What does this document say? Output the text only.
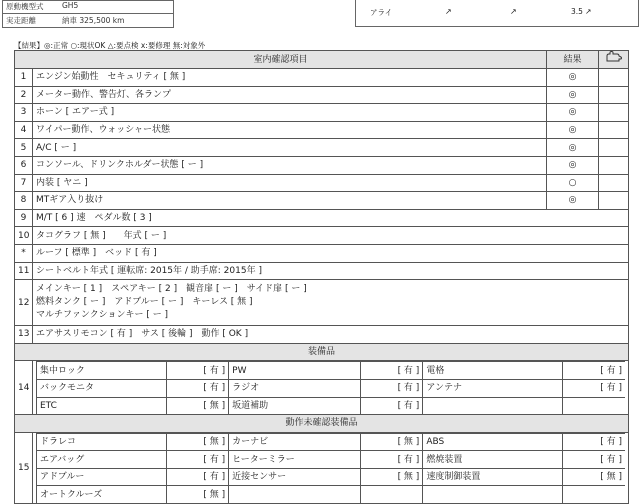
原動機型式 GH5
実走距離	納車 325,500 km
アライ	↗	↗	3.5 ↗
【結果】◎:正常 ○:現状OK △:要点検 x:要修理 無:対象外
室内確認項目	結果	
1	エンジン始動性　セキュリティ [ 無 ]	◎	
2	メーター動作、警告灯、各ランプ	◎	
3	ホーン [ エアー式 ]	◎	
4	ワイパー動作、ウォッシャー状態	◎	
5	A/C [ ー ]	◎	
6	コンソール、ドリンクホルダー状態 [ ー ]	◎	
7	内装 [ ヤニ ]	○	
8	MTギア入り抜け	◎	
9	M/T [ 6 ] 速　ペダル数 [ 3 ]
10	タコグラフ [ 無 ]　　年式 [ ー ]
*	ルーフ [ 標準 ]　ベッド [ 有 ]
11	シートベルト年式 [ 運転席: 2015年 / 助手席: 2015年 ]
12	
メインキー [ 1 ]　スペアキー [ 2 ]　観音扉 [ ー ]　サイド扉 [ ー ]
燃料タンク [ ー ]　アドブルー [ ー ]　キーレス [ 無 ]
マルチファンクションキー [ ー ]

13	エアサスリモコン [ 有 ]　サス [ 後輪 ]　動作 [ OK ]
装備品
14	
集中ロック	[ 有 ]	PW	[ 有 ]	電格	[ 有 ]
バックモニタ	[ 有 ]	ラジオ	[ 有 ]	アンテナ	[ 有 ]
ETC	[ 無 ]	坂道補助	[ 有 ]		

動作未確認装備品
15	
ドラレコ	[ 無 ]	カーナビ	[ 無 ]	ABS	[ 有 ]
エアバッグ	[ 有 ]	ヒーターミラー	[ 有 ]	燃焼装置	[ 有 ]
アドブルー	[ 有 ]	近接センサー	[ 無 ]	速度制御装置	[ 無 ]
オートクルーズ	[ 無 ]				
